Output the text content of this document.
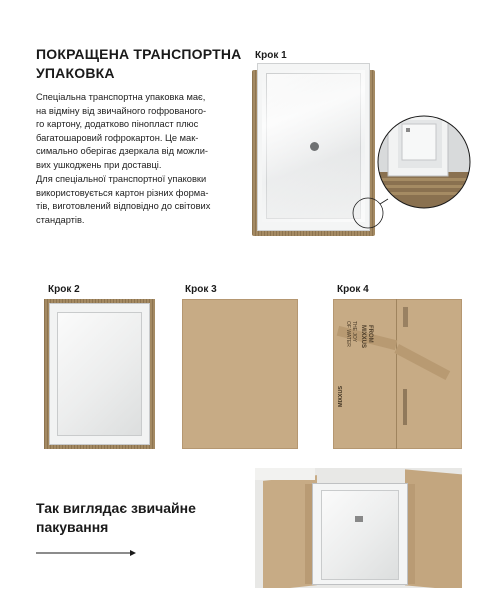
ПОКРАЩЕНА ТРАНСПОРТНА
УПАКОВКА

Спеціальна транспортна упаковка має,
на відміну від звичайного гофрованого-
го картону, додатково пінопласт плюс
багатошаровий гофрокартон. Це мак-
симально оберігає дзеркала від можли-
вих ушкоджень при доставці.

Для спеціальної транспортної упаковки
використовується картон різних форма-
тів, виготовлений відповідно до світових
стандартів.

Крок 1

Крок 2	Крок 3	Крок 4

THE JOY
OF WATER	FROM
MIXXUS
MIXXUS
Так виглядає звичайне
пакування
